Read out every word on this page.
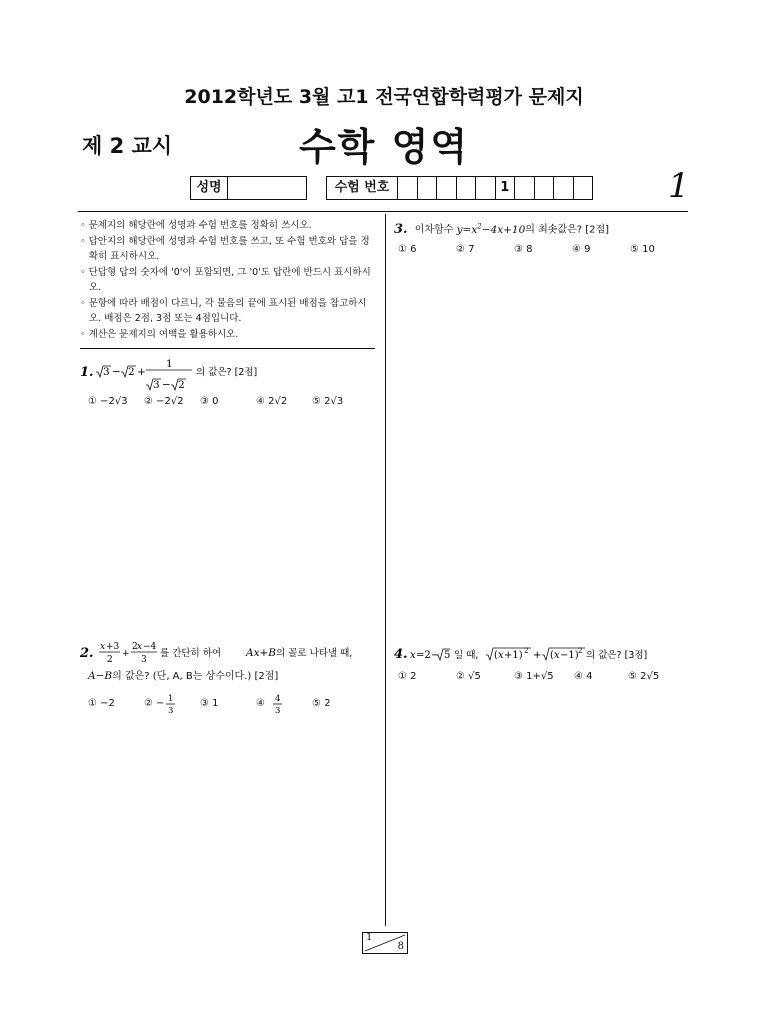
2012학년도 3월 고1 전국연합학력평가 문제지
제 2 교시	수학 영역
1
성명	수험 번호	1
◦ 문제지의 해당란에 성명과 수험 번호를 정확히 쓰시오.
◦ 답안지의 해당란에 성명과 수험 번호를 쓰고, 또 수험 번호와 답을 정확히 표시하시오.
◦ 단답형 답의 숫자에 '0'이 포함되면, 그 '0'도 답란에 반드시 표시하시오.
◦ 문항에 따라 배점이 다르니, 각 물음의 끝에 표시된 배점을 참고하시오. 배점은 2점, 3점 또는 4점입니다.
◦ 계산은 문제지의 여백을 활용하시오.
1. 3 − 2 +
1
3 − 2
의 값은? [2점]
① −2√3	② −2√2	③ 0	④ 2√2	⑤ 2√3
2. x +3
2
+
2 x −4
3
를 간단히 하여 Ax+B 의 꼴로 나타낼 때,
A−B의 값은? (단, A, B는 상수이다.) [2점]
① −2	② − 1
3
③ 1	④ 4
3
⑤ 2
3. 이차함수 $y=x^2-4x+10$의 최솟값은? [2점]
① 6	② 7	③ 8	④ 9	⑤ 10
4. x =2− 5 일 때, ( x +1) 2 + ( x −1) 2 의 값은? [3점]
① 2	② √5	③ 1+√5	④ 4	⑤ 2√5
1
8
